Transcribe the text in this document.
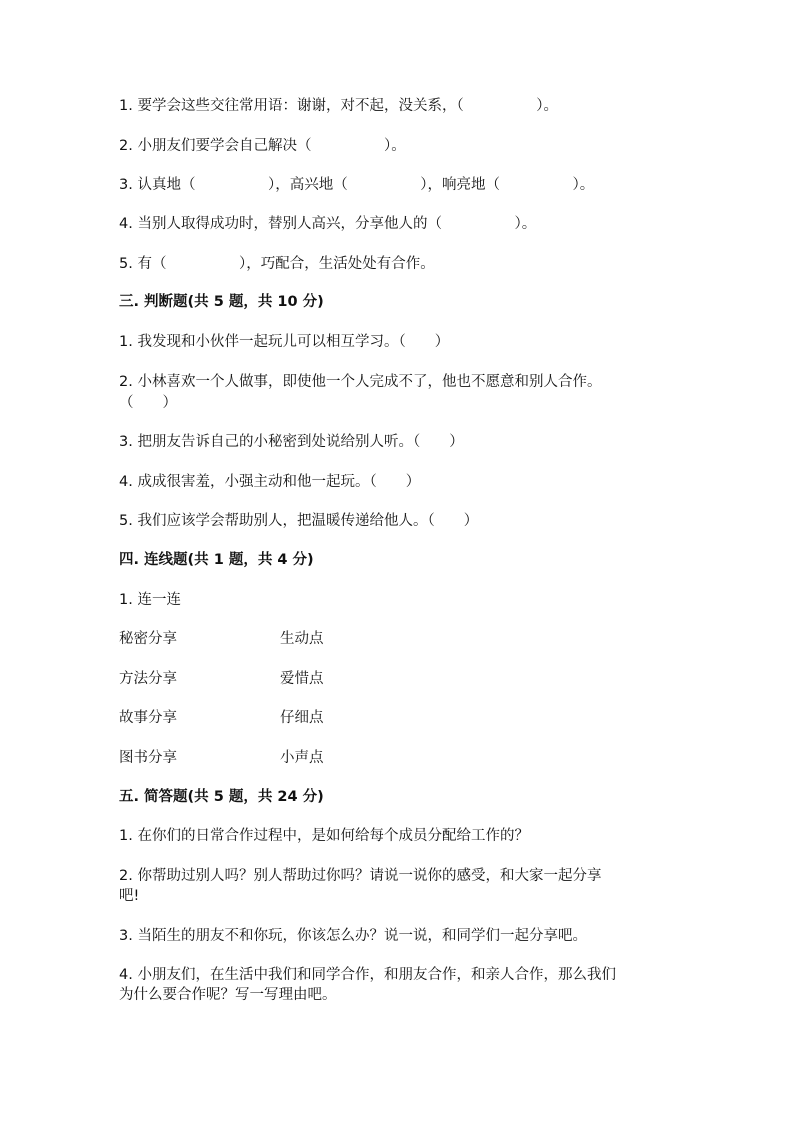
1. 要学会这些交往常用语：谢谢，对不起，没关系，（　　　　　）。
2. 小朋友们要学会自己解决（　　　　　）。
3. 认真地（　　　　　），高兴地（　　　　　），响亮地（　　　　　）。
4. 当别人取得成功时，替别人高兴，分享他人的（　　　　　）。
5. 有（　　　　　），巧配合，生活处处有合作。
三. 判断题(共 5 题，共 10 分)
1. 我发现和小伙伴一起玩儿可以相互学习。（　　）
2. 小林喜欢一个人做事，即使他一个人完成不了，他也不愿意和别人合作。
（　　）
3. 把朋友告诉自己的小秘密到处说给别人听。（　　）
4. 成成很害羞，小强主动和他一起玩。（　　）
5. 我们应该学会帮助别人，把温暖传递给他人。（　　）
四. 连线题(共 1 题，共 4 分)
1. 连一连
秘密分享	生动点
方法分享	爱惜点
故事分享	仔细点
图书分享	小声点
五. 简答题(共 5 题，共 24 分)
1. 在你们的日常合作过程中，是如何给每个成员分配给工作的？
2. 你帮助过别人吗？别人帮助过你吗？请说一说你的感受，和大家一起分享
吧!
3. 当陌生的朋友不和你玩，你该怎么办？说一说，和同学们一起分享吧。
4. 小朋友们，在生活中我们和同学合作，和朋友合作，和亲人合作，那么我们
为什么要合作呢？写一写理由吧。
